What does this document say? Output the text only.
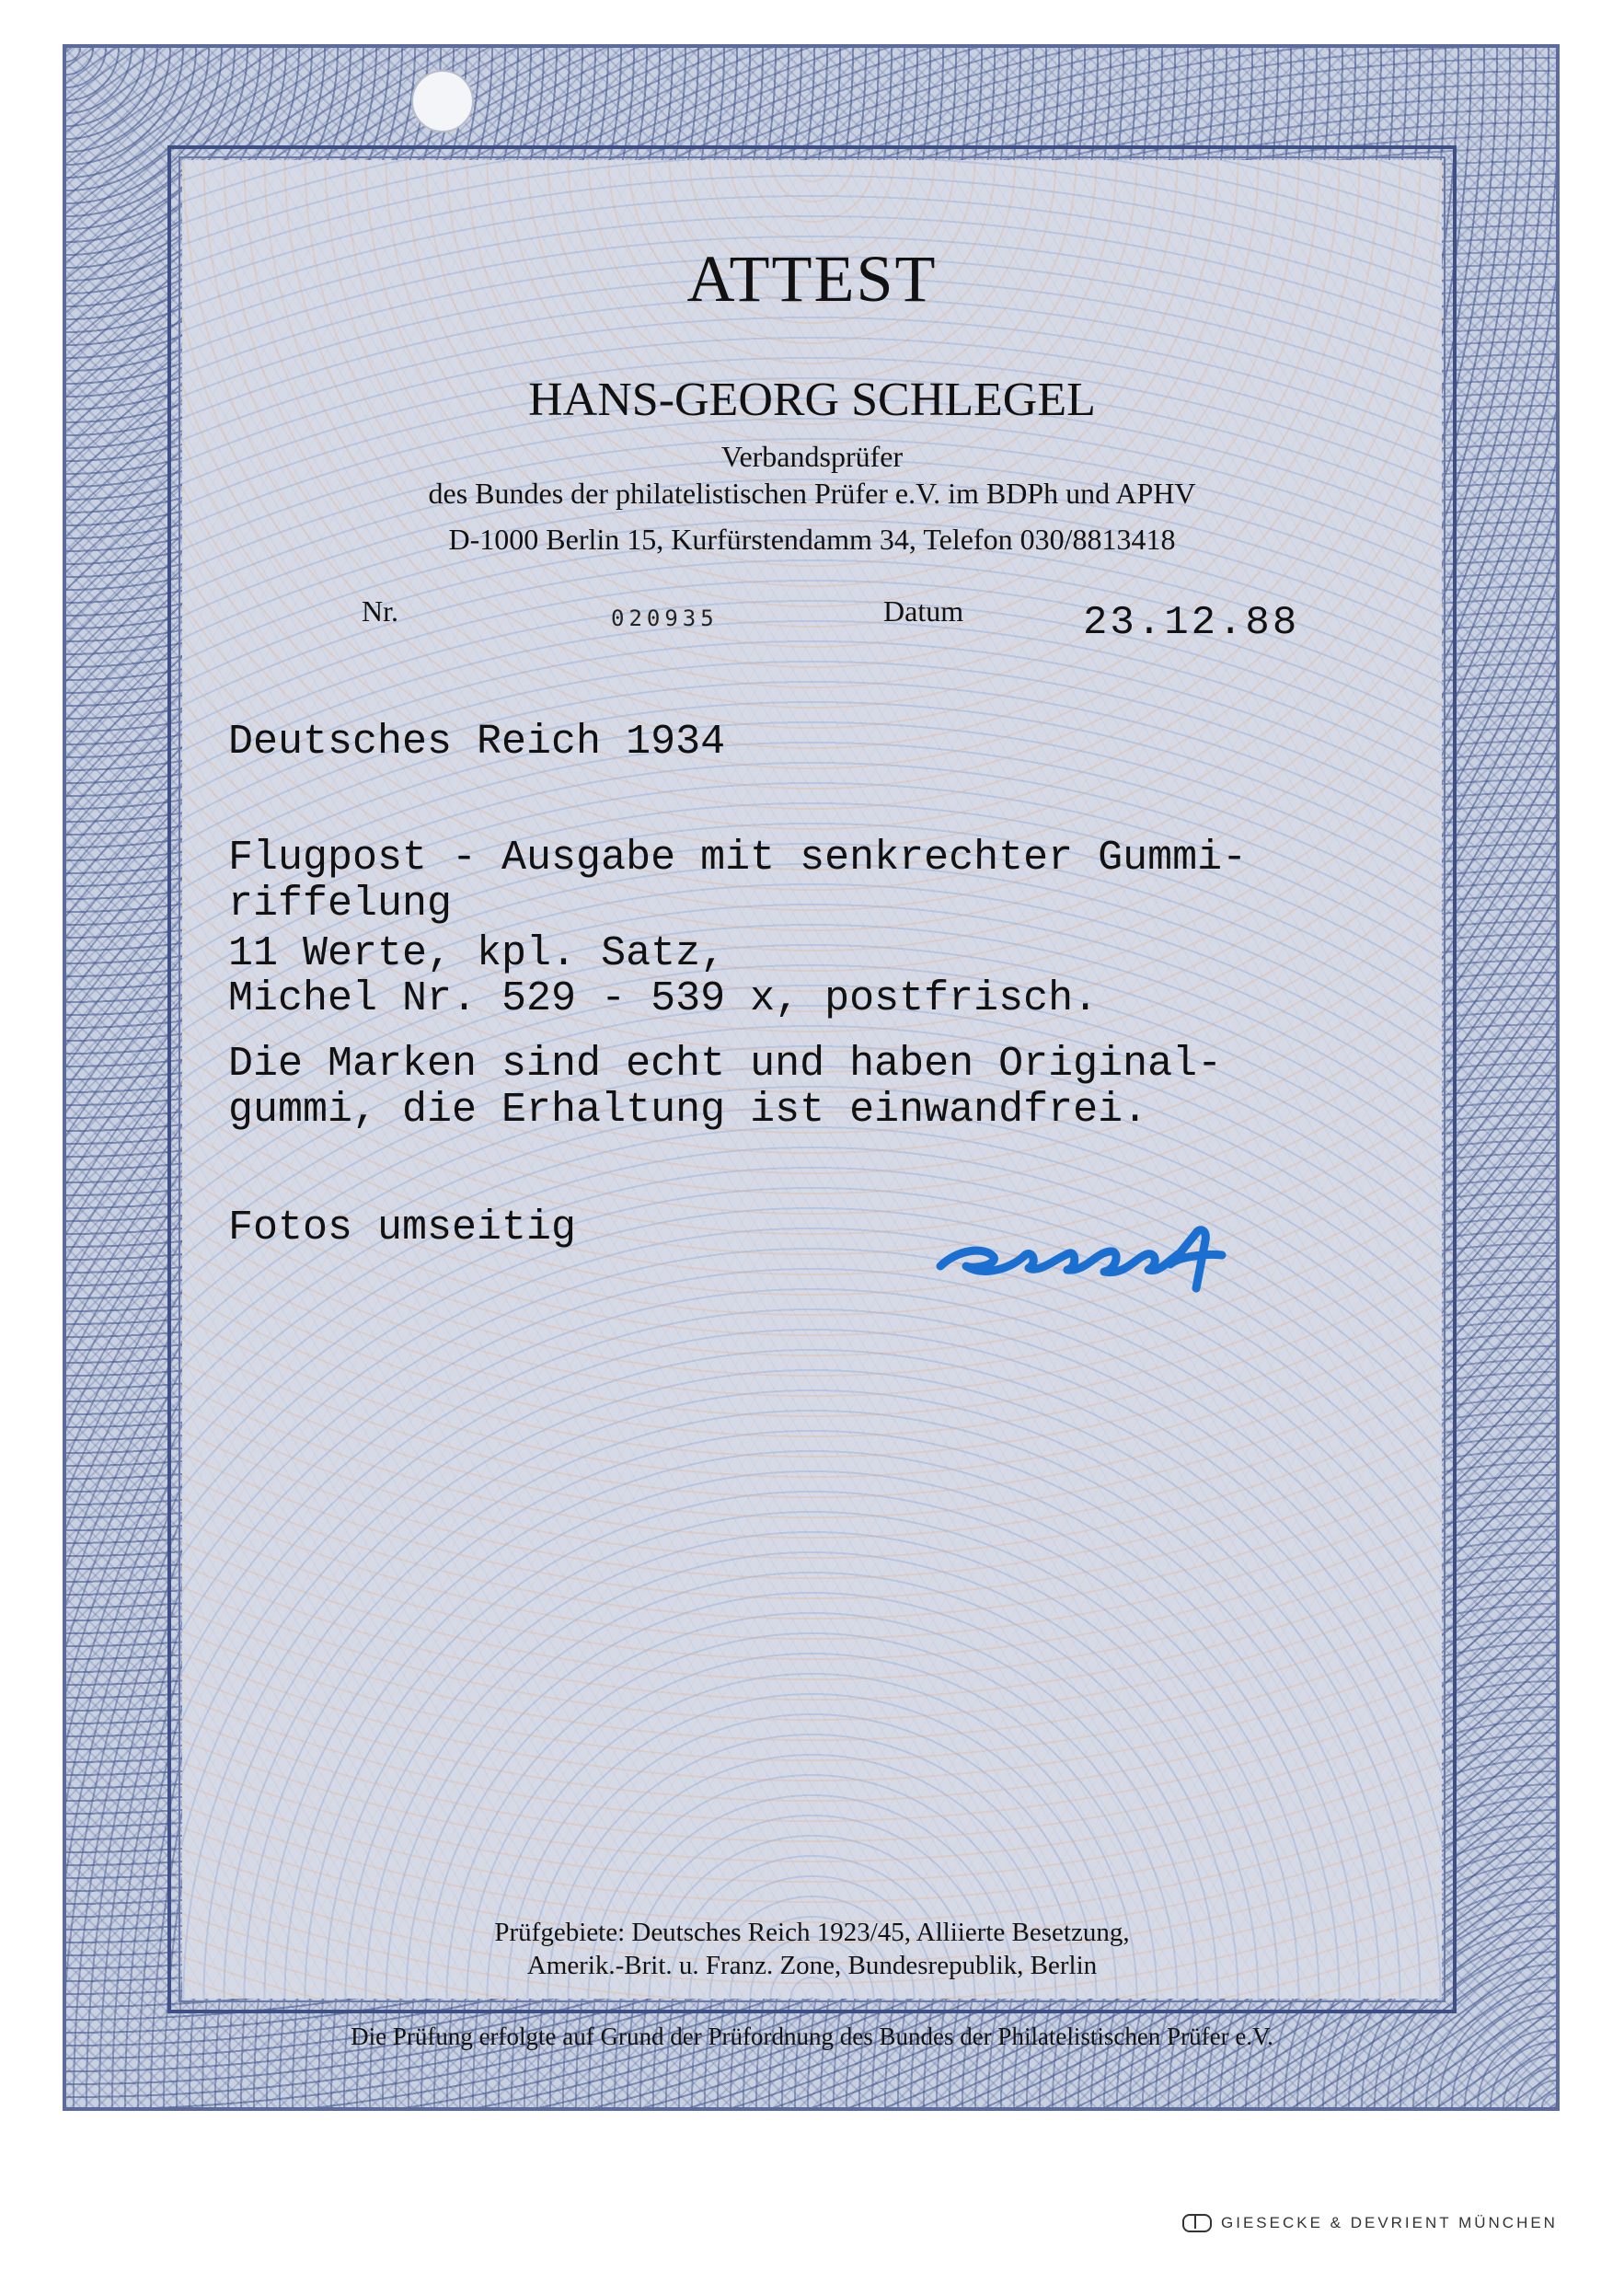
ATTEST
HANS-GEORG SCHLEGEL
Verbandsprüfer
des Bundes der philatelistischen Prüfer e.V. im BDPh und APHV
D-1000 Berlin 15, Kurfürstendamm 34, Telefon 030/8813418
Nr.	020935	Datum	23.12.88
Deutsches Reich 1934
Flugpost - Ausgabe mit senkrechter Gummi-
riffelung
11 Werte, kpl. Satz,
Michel Nr. 529 - 539 x, postfrisch.
Die Marken sind echt und haben Original-
gummi, die Erhaltung ist einwandfrei.
Fotos umseitig
Prüfgebiete: Deutsches Reich 1923/45, Alliierte Besetzung,
Amerik.-Brit. u. Franz. Zone, Bundesrepublik, Berlin
Die Prüfung erfolgte auf Grund der Prüfordnung des Bundes der Philatelistischen Prüfer e.V.
GIESECKE & DEVRIENT MÜNCHEN
